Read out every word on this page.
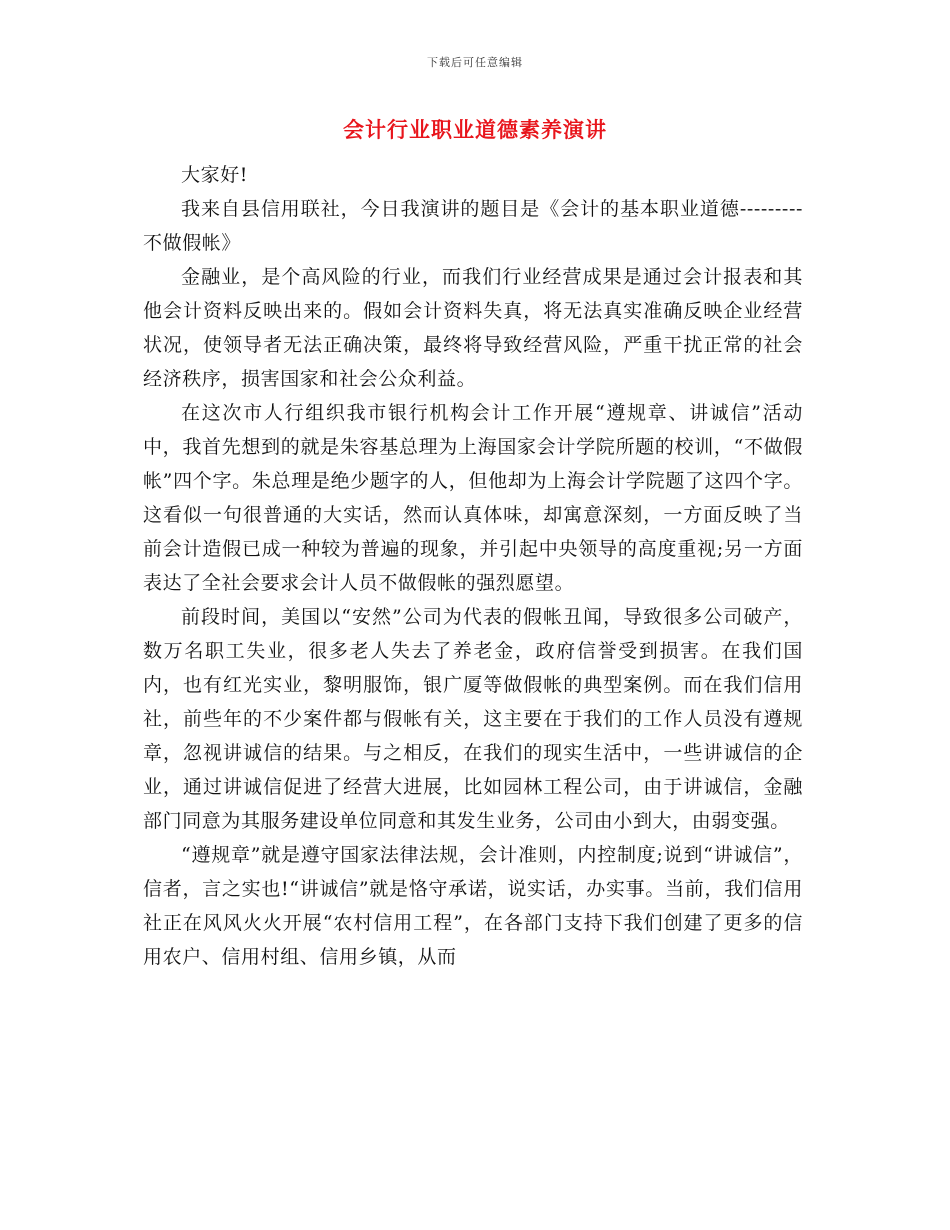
下载后可任意编辑
会计行业职业道德素养演讲

大家好!

我来自县信用联社，今日我演讲的题目是《会计的基本职业道德---------不做假帐》

金融业，是个高风险的行业，而我们行业经营成果是通过会计报表和其他会计资料反映出来的。假如会计资料失真，将无法真实准确反映企业经营状况，使领导者无法正确决策，最终将导致经营风险，严重干扰正常的社会经济秩序，损害国家和社会公众利益。

在这次市人行组织我市银行机构会计工作开展“遵规章、讲诚信”活动中，我首先想到的就是朱容基总理为上海国家会计学院所题的校训，“不做假帐”四个字。朱总理是绝少题字的人，但他却为上海会计学院题了这四个字。这看似一句很普通的大实话，然而认真体味，却寓意深刻，一方面反映了当前会计造假已成一种较为普遍的现象，并引起中央领导的高度重视;另一方面表达了全社会要求会计人员不做假帐的强烈愿望。

前段时间，美国以“安然”公司为代表的假帐丑闻，导致很多公司破产，数万名职工失业，很多老人失去了养老金，政府信誉受到损害。在我们国内，也有红光实业，黎明服饰，银广厦等做假帐的典型案例。而在我们信用社，前些年的不少案件都与假帐有关，这主要在于我们的工作人员没有遵规章，忽视讲诚信的结果。与之相反，在我们的现实生活中，一些讲诚信的企业，通过讲诚信促进了经营大进展，比如园林工程公司，由于讲诚信，金融部门同意为其服务建设单位同意和其发生业务，公司由小到大，由弱变强。

“遵规章”就是遵守国家法律法规，会计准则，内控制度;说到“讲诚信”，信者，言之实也!“讲诚信”就是恪守承诺，说实话，办实事。当前，我们信用社正在风风火火开展“农村信用工程”，在各部门支持下我们创建了更多的信用农户、信用村组、信用乡镇，从而
